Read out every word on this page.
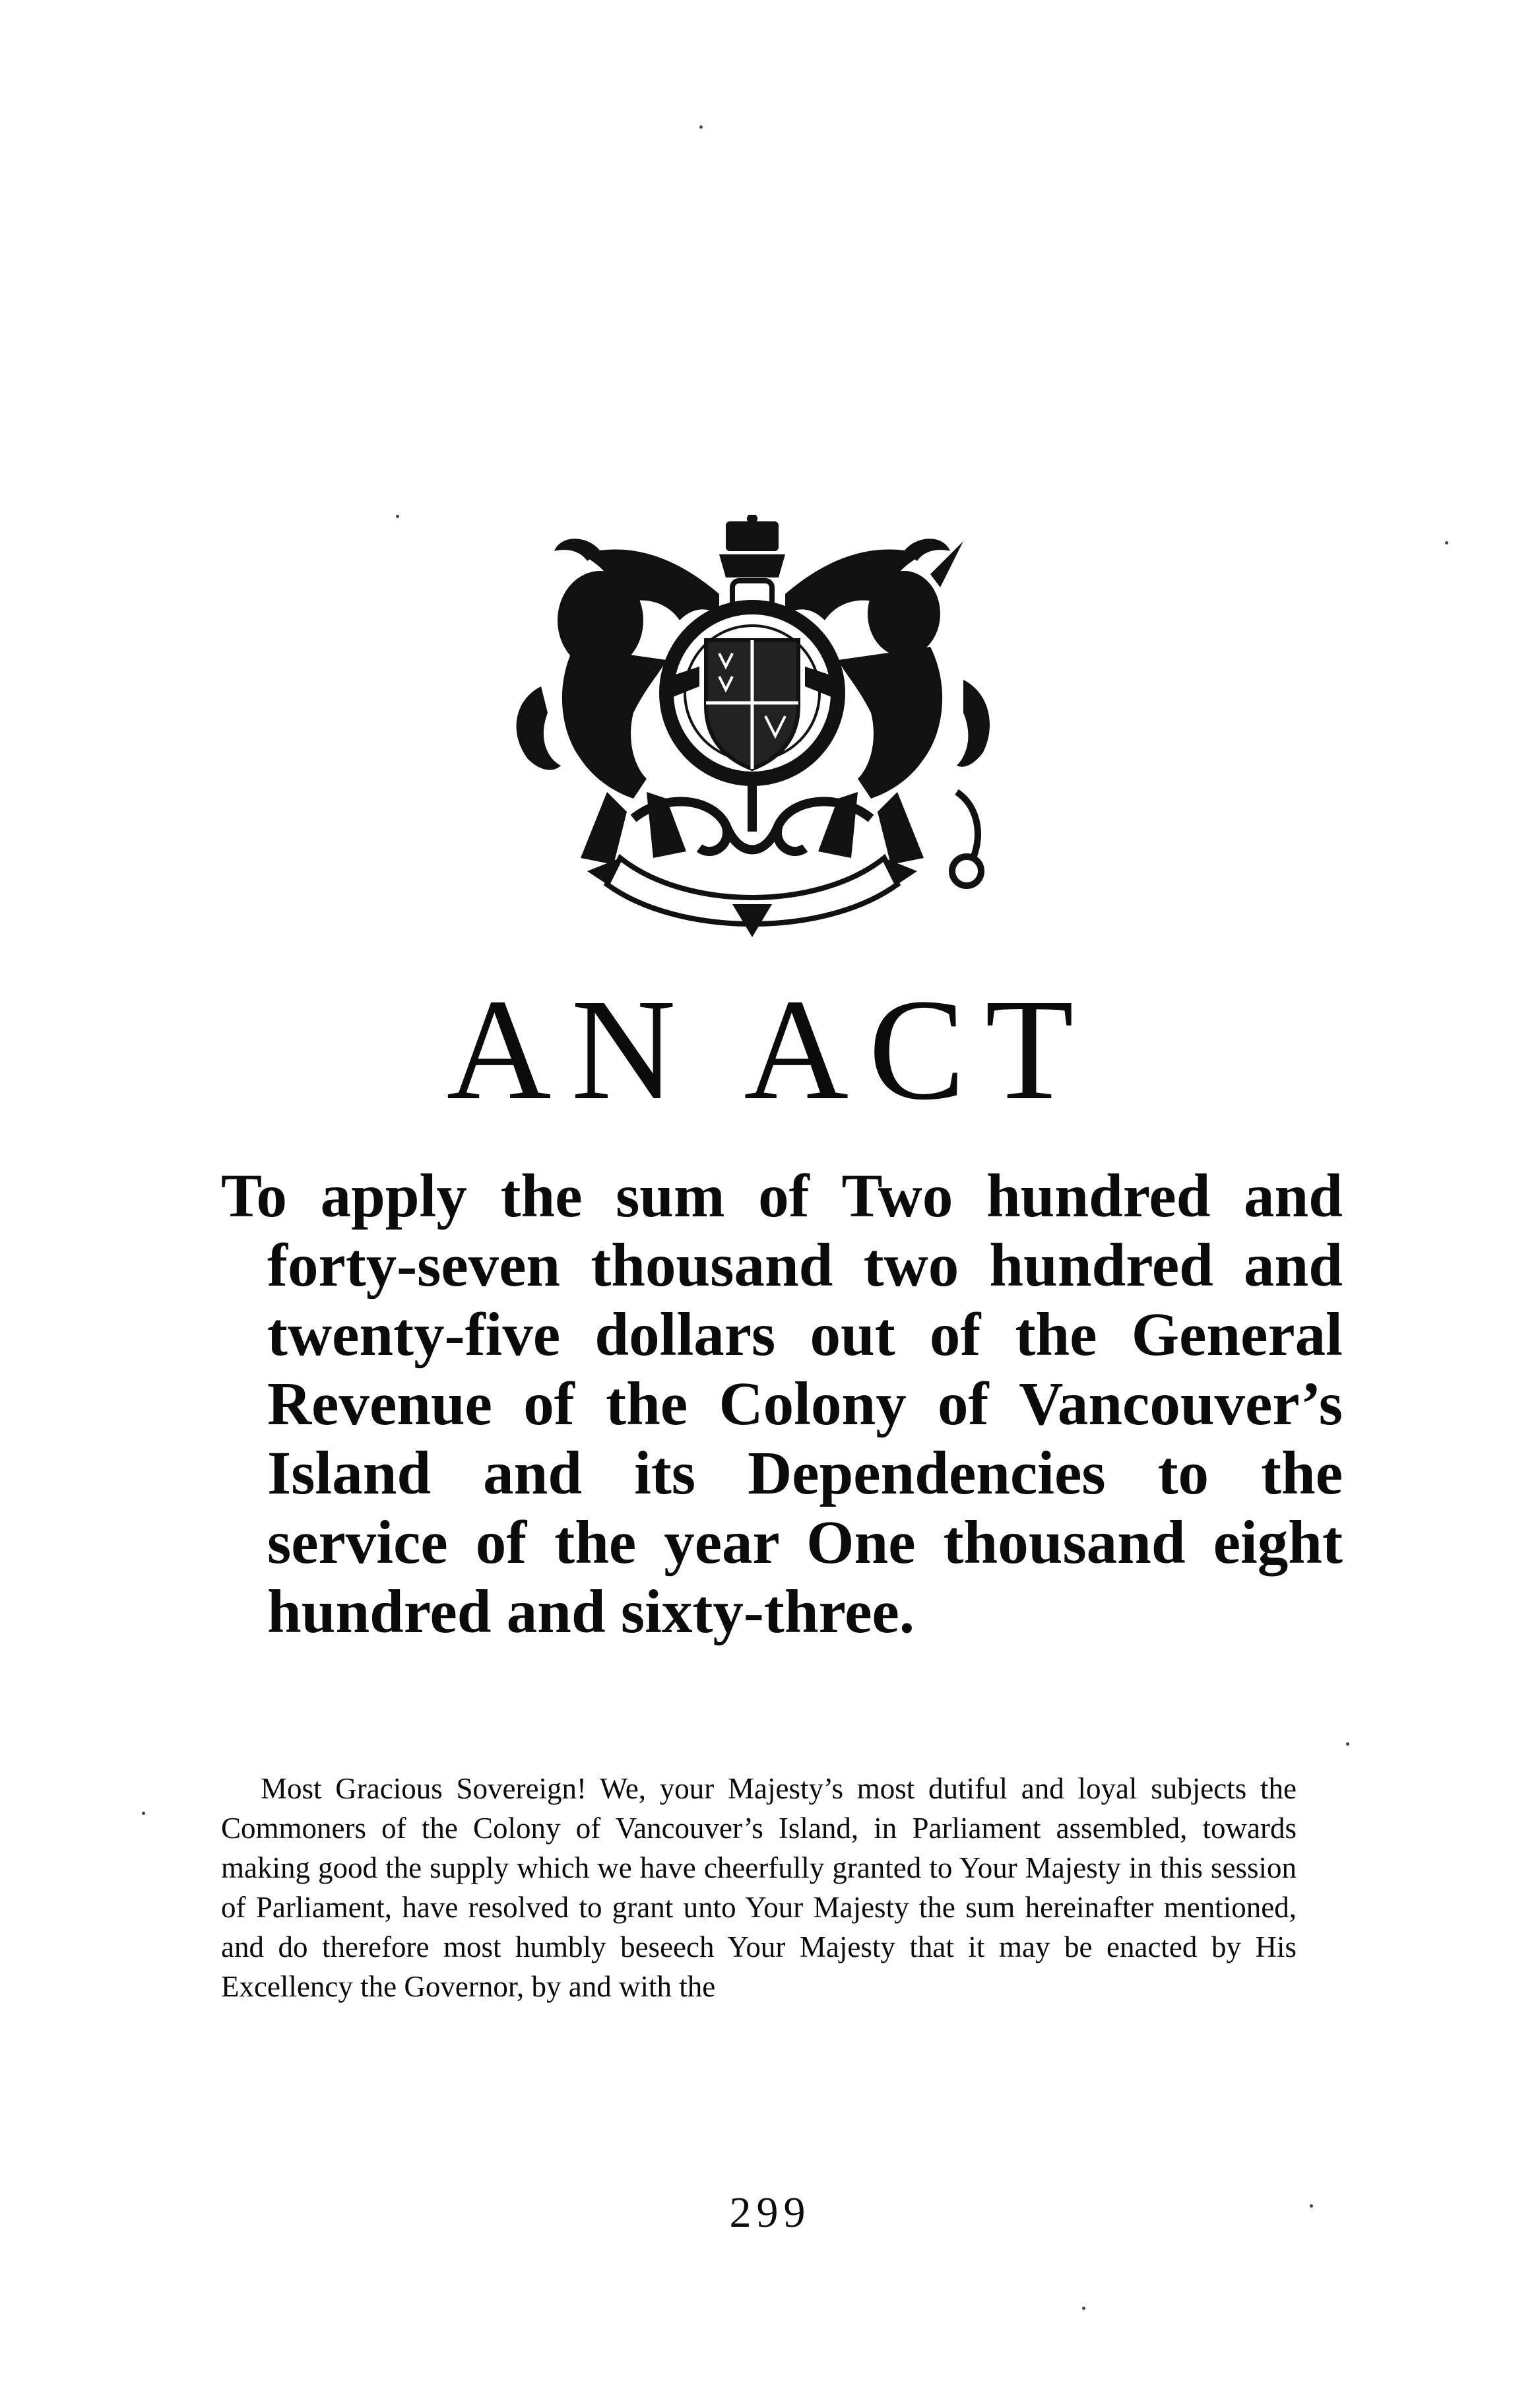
AN ACT

To apply the sum of Two hundred and forty-seven thousand two hundred and twenty-five dollars out of the General Revenue of the Colony of Vancouver’s Island and its Dependencies to the service of the year One thousand eight hundred and sixty-three.

Most Gracious Sovereign! We, your Majesty’s most dutiful and loyal subjects the Commoners of the Colony of Vancouver’s Island, in Parliament assembled, towards making good the supply which we have cheerfully granted to Your Majesty in this session of Parliament, have resolved to grant unto Your Majesty the sum hereinafter mentioned, and do therefore most humbly beseech Your Majesty that it may be enacted by His Excellency the Governor, by and with the

299
